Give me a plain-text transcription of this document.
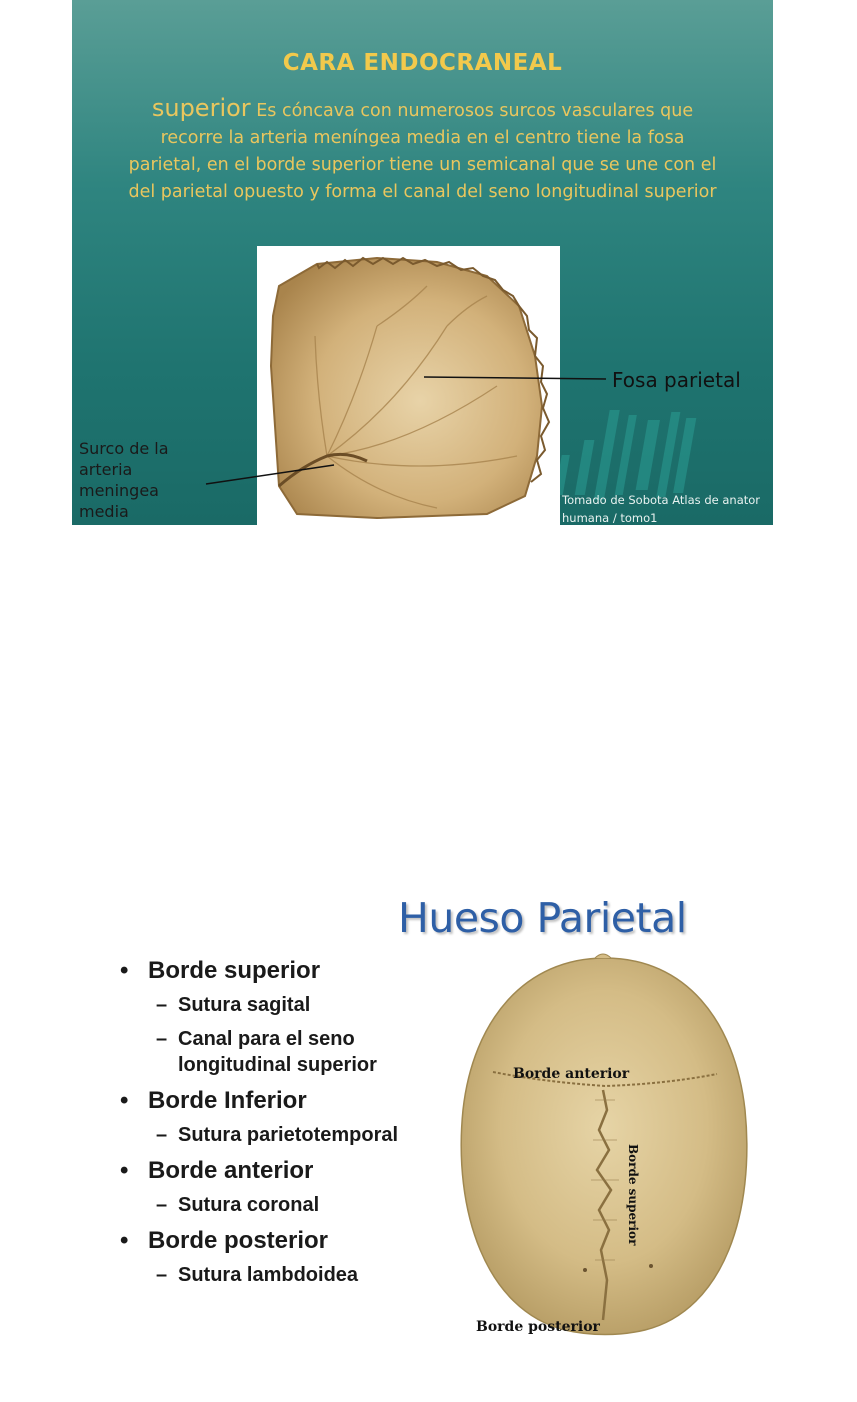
CARA ENDOCRANEAL
superior Es cóncava con numerosos surcos vasculares que
recorre la arteria meníngea media en el centro tiene la fosa
parietal, en el borde superior tiene un semicanal que se une con el
del parietal opuesto y forma el canal del seno longitudinal superior
Fosa parietal
Surco de la
arteria
meningea
media
Tomado de Sobota Atlas de anator
humana / tomo1
Hueso Parietal
• Borde superior
– Sutura sagital
– Canal para el seno longitudinal superior
• Borde Inferior
– Sutura parietotemporal
• Borde anterior
– Sutura coronal
• Borde posterior
– Sutura lambdoidea
Borde anterior
Borde superior
Borde posterior
